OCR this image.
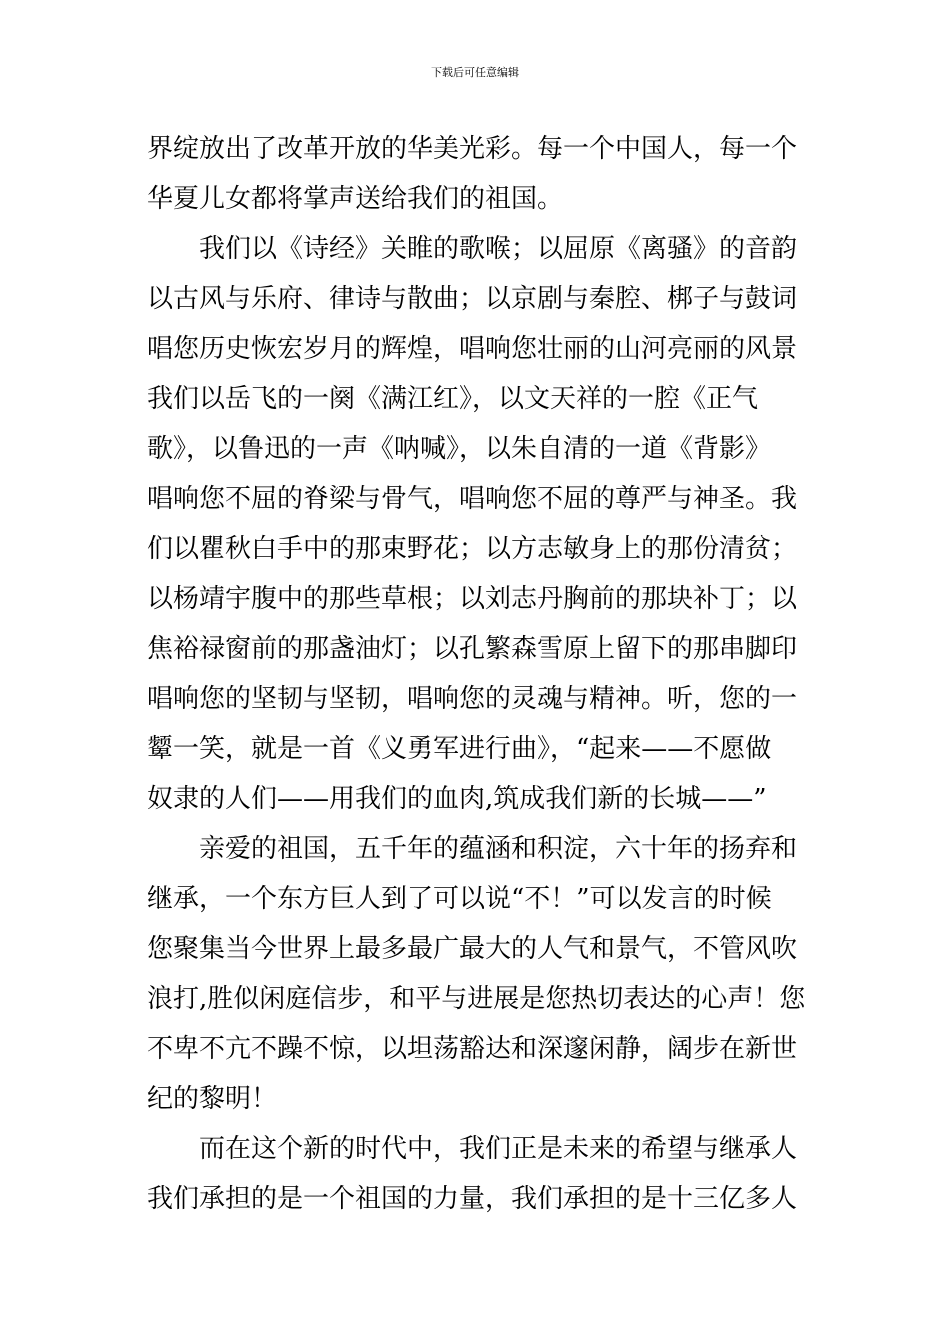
下载后可任意编辑
界绽放出了改革开放的华美光彩。每一个中国人，每一个
华夏儿女都将掌声送给我们的祖国。
　　我们以《诗经》关睢的歌喉；以屈原《离骚》的音韵
以古风与乐府、律诗与散曲；以京剧与秦腔、梆子与鼓词
唱您历史恢宏岁月的辉煌，唱响您壮丽的山河亮丽的风景
我们以岳飞的一阕《满江红》，以文天祥的一腔《正气
歌》，以鲁迅的一声《呐喊》，以朱自清的一道《背影》
唱响您不屈的脊梁与骨气，唱响您不屈的尊严与神圣。我
们以瞿秋白手中的那束野花；以方志敏身上的那份清贫；
以杨靖宇腹中的那些草根；以刘志丹胸前的那块补丁；以
焦裕禄窗前的那盏油灯；以孔繁森雪原上留下的那串脚印
唱响您的坚韧与坚韧，唱响您的灵魂与精神。听，您的一
颦一笑，就是一首《义勇军进行曲》，“起来——不愿做
奴隶的人们——用我们的血肉,筑成我们新的长城——”
　　亲爱的祖国，五千年的蕴涵和积淀，六十年的扬弃和
继承，一个东方巨人到了可以说“不！”可以发言的时候
您聚集当今世界上最多最广最大的人气和景气，不管风吹
浪打,胜似闲庭信步，和平与进展是您热切表达的心声！您
不卑不亢不躁不惊，以坦荡豁达和深邃闲静，阔步在新世
纪的黎明！
　　而在这个新的时代中，我们正是未来的希望与继承人
我们承担的是一个祖国的力量，我们承担的是十三亿多人
